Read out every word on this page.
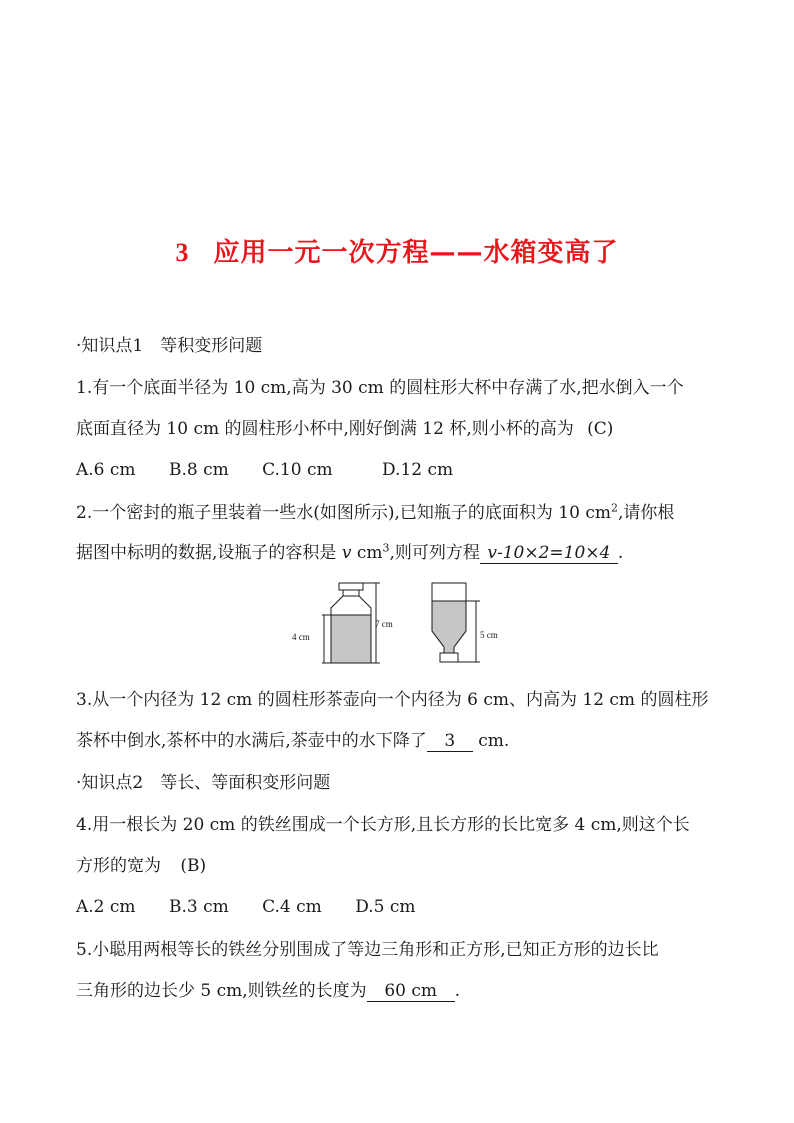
3 应用一元一次方程——水箱变高了
·知识点1　等积变形问题
1.有一个底面半径为 10 cm,高为 30 cm 的圆柱形大杯中存满了水,把水倒入一个
底面直径为 10 cm 的圆柱形小杯中,刚好倒满 12 杯,则小杯的高为 (C)
A.6 cm B.8 cm C.10 cm	D.12 cm
2.一个密封的瓶子里装着一些水(如图所示),已知瓶子的底面积为 10 $cm^2$,请你根
据图中标明的数据,设瓶子的容积是 v $cm^3$,则可列方程 v-10×2=10×4 .
4 cm
7 cm
5 cm
3.从一个内径为 12 cm 的圆柱形茶壶向一个内径为 6 cm、内高为 12 cm 的圆柱形
茶杯中倒水,茶杯中的水满后,茶壶中的水下降了 3 cm.
·知识点2　等长、等面积变形问题
4.用一根长为 20 cm 的铁丝围成一个长方形,且长方形的长比宽多 4 cm,则这个长
方形的宽为 (B)
A.2 cm B.3 cm C.4 cm D.5 cm
5.小聪用两根等长的铁丝分别围成了等边三角形和正方形,已知正方形的边长比
三角形的边长少 5 cm,则铁丝的长度为 60 cm .
